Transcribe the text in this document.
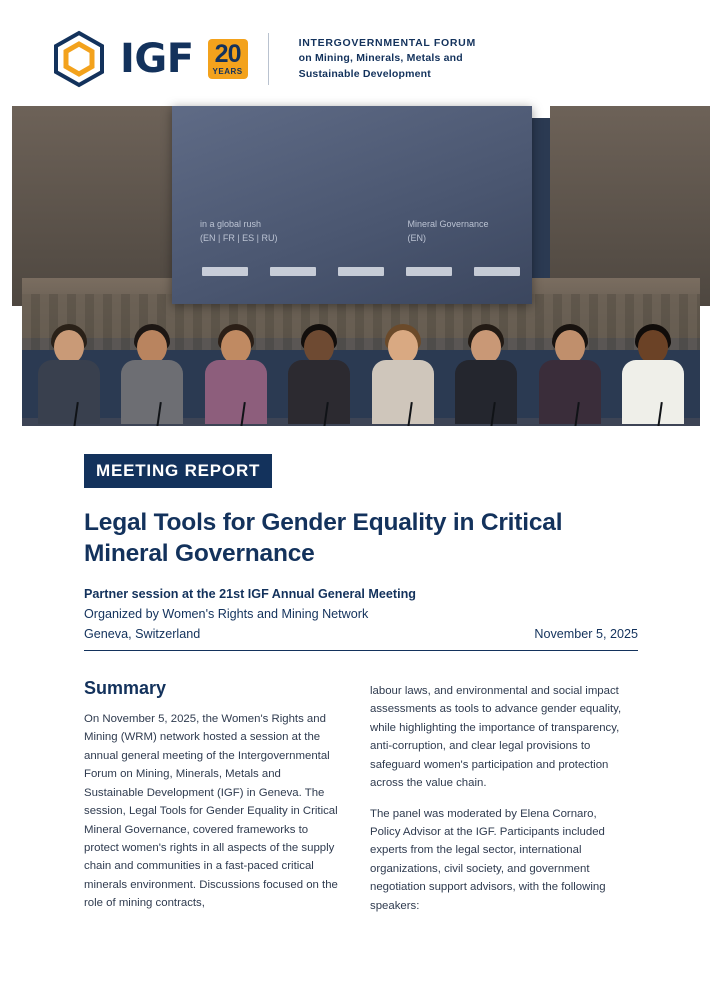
IGF 20
YEARS
INTERGOVERNMENTAL FORUM
on Mining, Minerals, Metals and
Sustainable Development
in a global rush
(EN | FR | ES | RU)
Mineral Governance
(EN)
MEETING REPORT
Legal Tools for Gender Equality in Critical Mineral Governance
Partner session at the 21st IGF Annual General Meeting
Organized by Women's Rights and Mining Network
Geneva, Switzerland	November 5, 2025
Summary

On November 5, 2025, the Women's Rights and Mining (WRM) network hosted a session at the annual general meeting of the Intergovernmental Forum on Mining, Minerals, Metals and Sustainable Development (IGF) in Geneva. The session, Legal Tools for Gender Equality in Critical Mineral Governance, covered frameworks to protect women's rights in all aspects of the supply chain and communities in a fast-paced critical minerals environment. Discussions focused on the role of mining contracts,

labour laws, and environmental and social impact assessments as tools to advance gender equality, while highlighting the importance of transparency, anti-corruption, and clear legal provisions to safeguard women's participation and protection across the value chain.

The panel was moderated by Elena Cornaro, Policy Advisor at the IGF. Participants included experts from the legal sector, international organizations, civil society, and government negotiation support advisors, with the following speakers:
